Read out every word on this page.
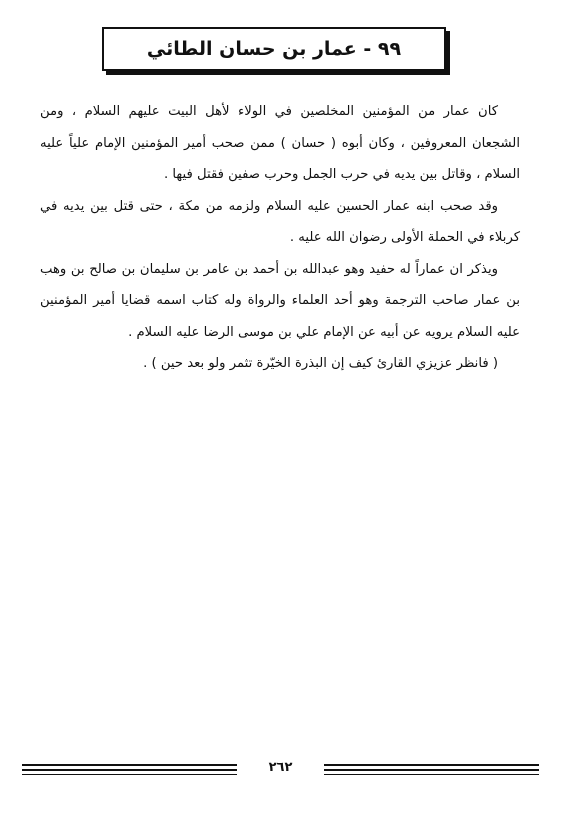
٩٩ - عمار بن حسان الطائي

كان عمار من المؤمنين المخلصين في الولاء لأهل البيت عليهم السلام ، ومن الشجعان المعروفين ، وكان أبوه ( حسان ) ممن صحب أمير المؤمنين الإمام علياً عليه السلام ، وقاتل بين يديه في حرب الجمل وحرب صفين فقتل فيها .

وقد صحب ابنه عمار الحسين عليه السلام ولزمه من مكة ، حتى قتل بين يديه في كربلاء في الحملة الأولى رضوان الله عليه .

ويذكر ان عماراً له حفيد وهو عبدالله بن أحمد بن عامر بن سليمان بن صالح بن وهب بن عمار صاحب الترجمة وهو أحد العلماء والرواة وله كتاب اسمه قضايا أمير المؤمنين عليه السلام يرويه عن أبيه عن الإمام علي بن موسى الرضا عليه السلام .

( فانظر عزيزي القارئ كيف إن البذرة الخيّرة تثمر ولو بعد حين ) .

٢٦٢
